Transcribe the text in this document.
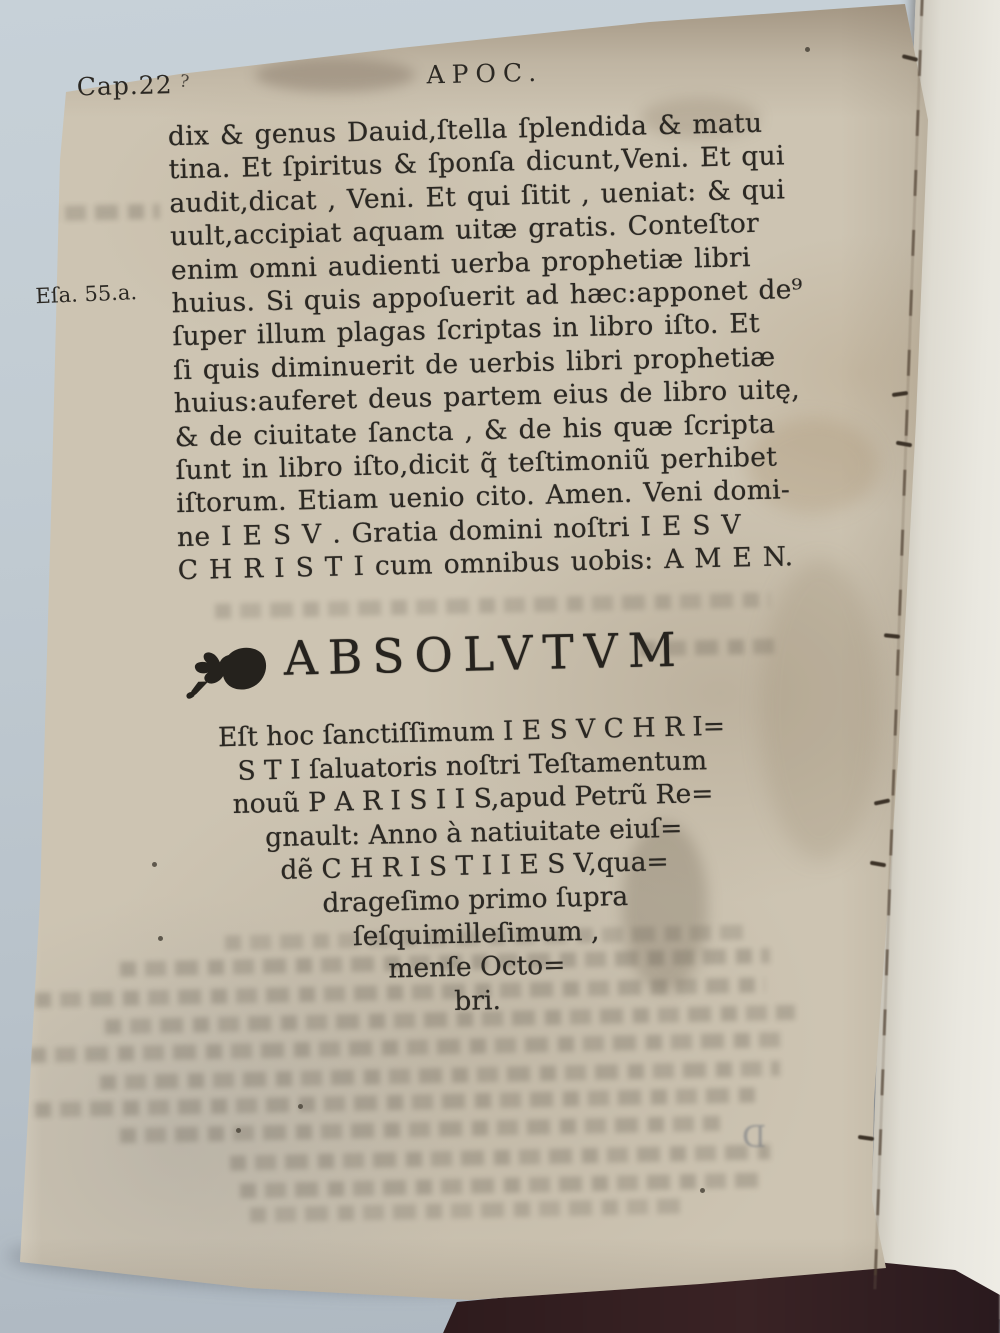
D
Cap.22 ?	APOC.
Eſa. 55.a.
dix & genus Dauid,ſtella ſplendida & matu
tina. Et ſpiritus & ſponſa dicunt,Veni. Et qui
audit,dicat , Veni. Et qui ſitit , ueniat: & qui
uult,accipiat aquam uitæ gratis. Conteſtor
enim omni audienti uerba prophetiæ libri
huius. Si quis appoſuerit ad hæc:apponet de⁹
ſuper illum plagas ſcriptas in libro iſto. Et
ſi quis diminuerit de uerbis libri prophetiæ
huius:auferet deus partem eius de libro uitę,
& de ciuitate ſancta , & de his quæ ſcripta
ſunt in libro iſto,dicit q̃ teſtimoniũ perhibet
iſtorum. Etiam uenio cito. Amen. Veni domi-
ne I E S V . Gratia domini noſtri I E S V
C H R I S T I cum omnibus uobis: A M E N.
ABSOLVTVM
Eſt hoc ſanctiſſimum I E S V C H R I=
S T I ſaluatoris noſtri Teſtamentum
nouũ P A R I S I I S,apud Petrũ Re=
gnault: Anno à natiuitate eiuſ=
dẽ C H R I S T I I E S V,qua=
drageſimo primo ſupra
ſeſquimilleſimum ,
menſe Octo=
bri.
